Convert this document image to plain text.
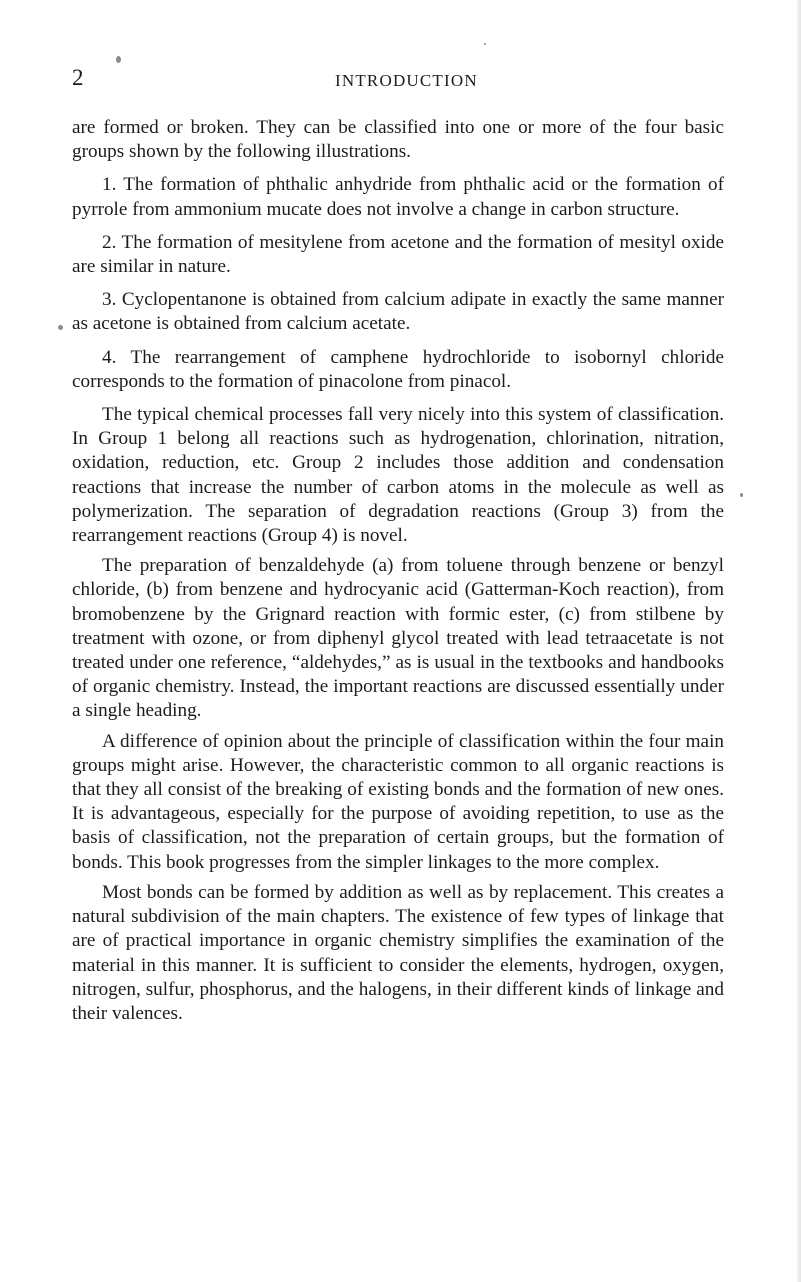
2	INTRODUCTION

are formed or broken. They can be classified into one or more of the four basic groups shown by the following illustrations.

1. The formation of phthalic anhydride from phthalic acid or the formation of pyrrole from ammonium mucate does not involve a change in carbon structure.

2. The formation of mesitylene from acetone and the formation of mesityl oxide are similar in nature.

3. Cyclopentanone is obtained from calcium adipate in exactly the same manner as acetone is obtained from calcium acetate.

4. The rearrangement of camphene hydrochloride to isobornyl chloride corresponds to the formation of pinacolone from pinacol.

The typical chemical processes fall very nicely into this system of classification. In Group 1 belong all reactions such as hydrogenation, chlorination, nitration, oxidation, reduction, etc. Group 2 includes those addition and condensation reactions that increase the number of carbon atoms in the molecule as well as polymerization. The separation of degradation reactions (Group 3) from the rearrangement reactions (Group 4) is novel.

The preparation of benzaldehyde (a) from toluene through benzene or benzyl chloride, (b) from benzene and hydrocyanic acid (Gatterman-Koch reaction), from bromobenzene by the Grignard reaction with formic ester, (c) from stilbene by treatment with ozone, or from diphenyl glycol treated with lead tetraacetate is not treated under one reference, “aldehydes,” as is usual in the textbooks and handbooks of organic chemistry. Instead, the important reactions are discussed essentially under a single heading.

A difference of opinion about the principle of classification within the four main groups might arise. However, the characteristic common to all organic reactions is that they all consist of the breaking of existing bonds and the formation of new ones. It is advantageous, especially for the purpose of avoiding repetition, to use as the basis of classification, not the preparation of certain groups, but the formation of bonds. This book progresses from the simpler linkages to the more complex.

Most bonds can be formed by addition as well as by replacement. This creates a natural subdivision of the main chapters. The existence of few types of linkage that are of practical importance in organic chemistry simplifies the examination of the material in this manner. It is sufficient to consider the elements, hydrogen, oxygen, nitrogen, sulfur, phosphorus, and the halogens, in their different kinds of linkage and their valences.
